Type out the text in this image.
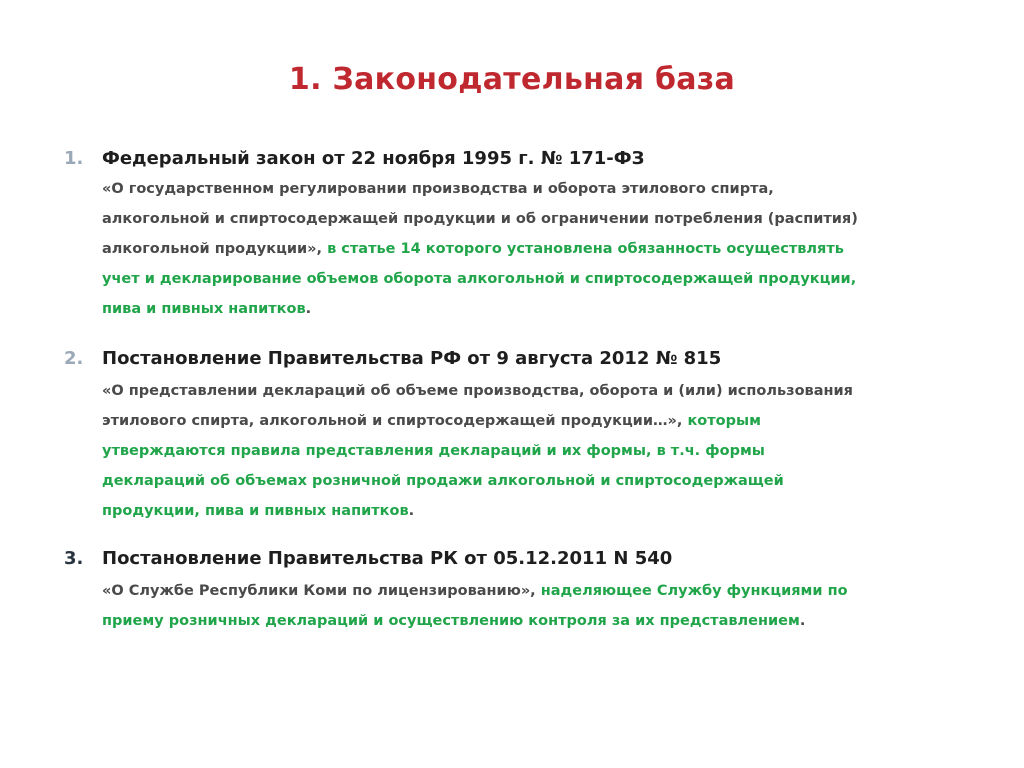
1. Законодательная база
1. Федеральный закон от 22 ноября 1995 г. № 171-ФЗ
«О государственном регулировании производства и оборота этилового спирта,
алкогольной и спиртосодержащей продукции и об ограничении потребления (распития)
алкогольной продукции», в статье 14 которого установлена обязанность осуществлять
учет и декларирование объемов оборота алкогольной и спиртосодержащей продукции,
пива и пивных напитков.
2. Постановление Правительства РФ от 9 августа 2012 № 815
«О представлении деклараций об объеме производства, оборота и (или) использования
этилового спирта, алкогольной и спиртосодержащей продукции…», которым
утверждаются правила представления деклараций и их формы, в т.ч. формы
деклараций об объемах розничной продажи алкогольной и спиртосодержащей
продукции, пива и пивных напитков.
3. Постановление Правительства РК от 05.12.2011 N 540
«О Службе Республики Коми по лицензированию», наделяющее Службу функциями по
приему розничных деклараций и осуществлению контроля за их представлением.
